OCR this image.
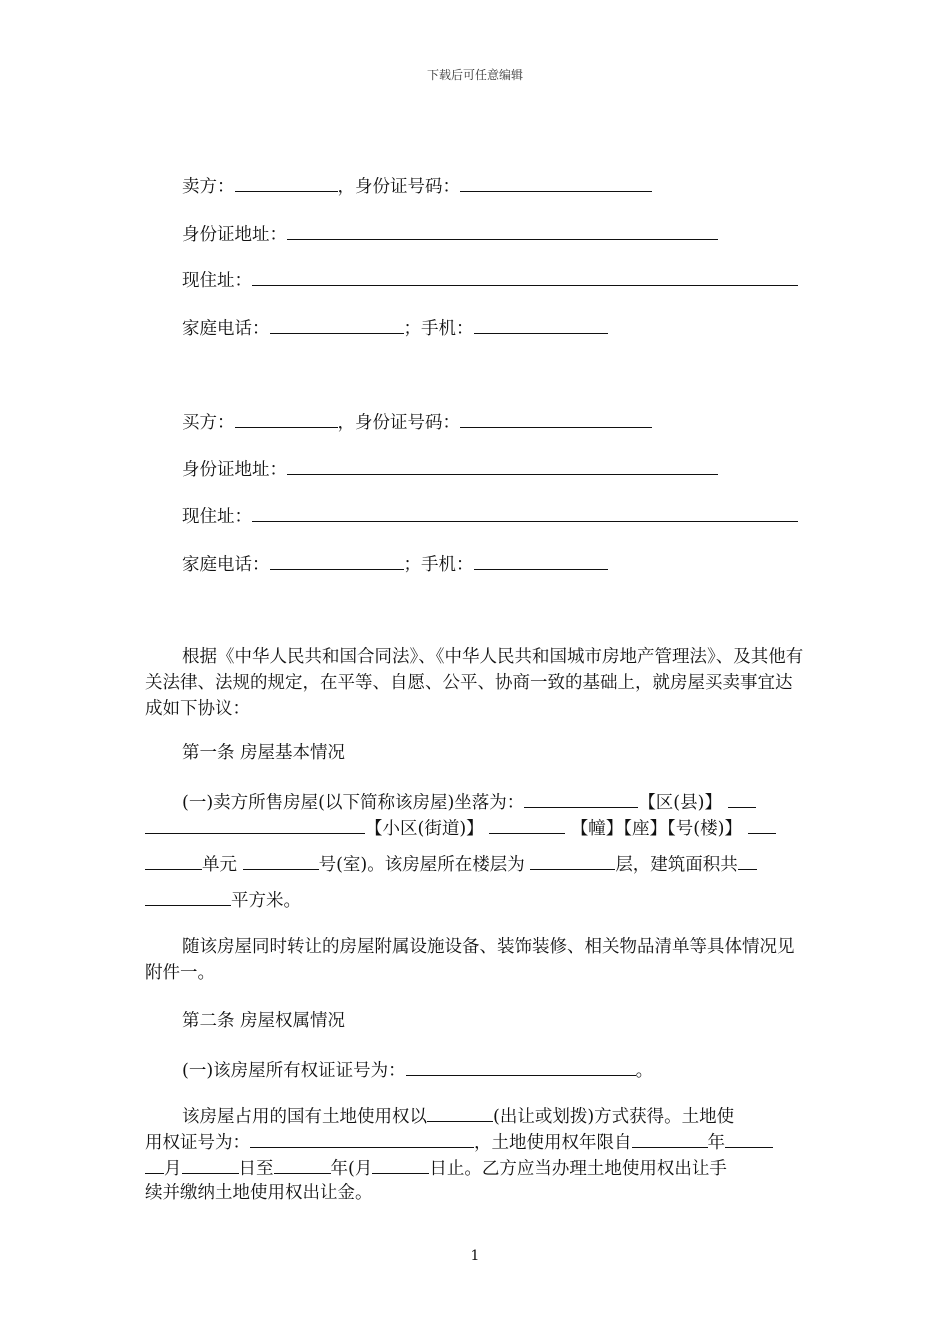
下载后可任意编辑
卖方：	，身份证号码：
身份证地址：
现住址：
家庭电话：	；手机：
买方：	，身份证号码：
身份证地址：
现住址：
家庭电话：	；手机：
根据《中华人民共和国合同法》、《中华人民共和国城市房地产管理法》、及其他有关法律、法规的规定，在平等、自愿、公平、协商一致的基础上，就房屋买卖事宜达成如下协议：
第一条 房屋基本情况
(一)卖方所售房屋(以下简称该房屋)坐落为：	【区(县)】
【小区(街道)】	【幢】【座】【号(楼)】
单元	号(室)。该房屋所在楼层为	层，建筑面积共
平方米。
随该房屋同时转让的房屋附属设施设备、装饰装修、相关物品清单等具体情况见附件一。
第二条 房屋权属情况
(一)该房屋所有权证证号为：	。
该房屋占用的国有土地使用权以	(出让或划拨)方式获得。土地使
用权证号为：	，土地使用权年限自	年
月	日至	年(月	日止。乙方应当办理土地使用权出让手
续并缴纳土地使用权出让金。
1
